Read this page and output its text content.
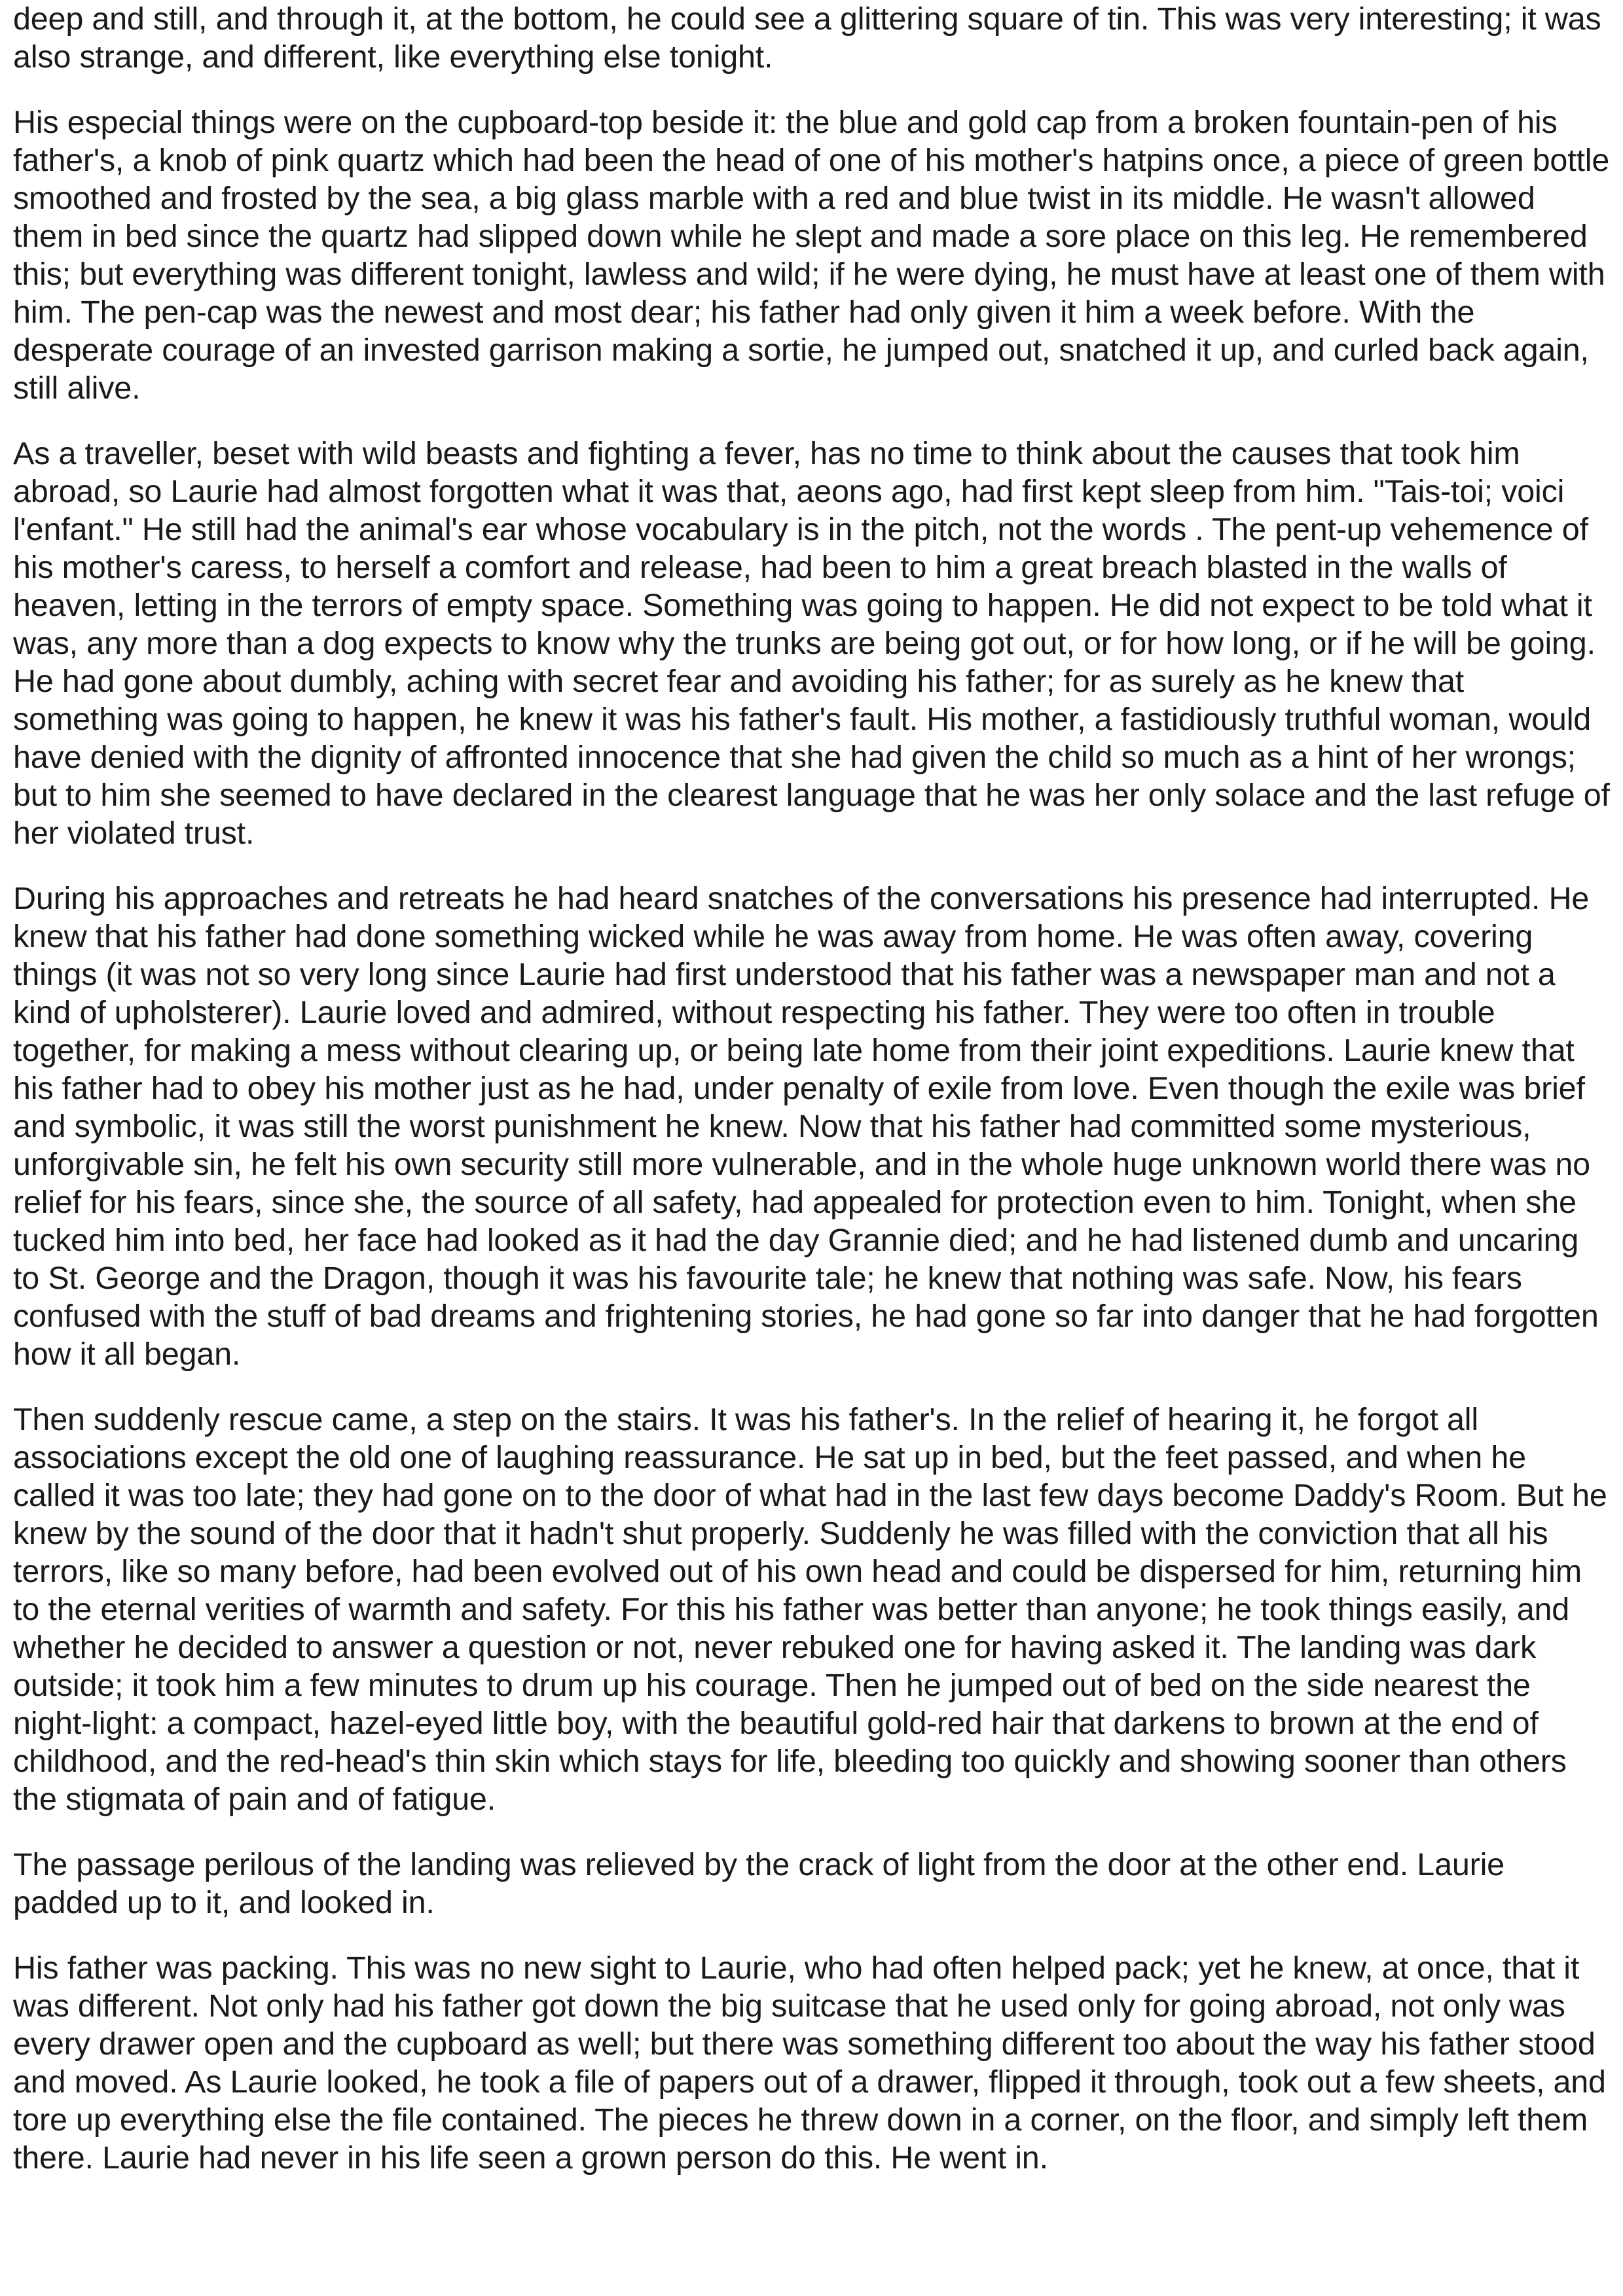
deep and still, and through it, at the bottom, he could see a glittering square of tin. This was very interesting; it was also strange, and different, like everything else tonight.

His especial things were on the cupboard-top beside it: the blue and gold cap from a broken fountain-pen of his father's, a knob of pink quartz which had been the head of one of his mother's hatpins once, a piece of green bottle smoothed and frosted by the sea, a big glass marble with a red and blue twist in its middle. He wasn't allowed them in bed since the quartz had slipped down while he slept and made a sore place on this leg. He remembered this; but everything was different tonight, lawless and wild; if he were dying, he must have at least one of them with him. The pen-cap was the newest and most dear; his father had only given it him a week before. With the desperate courage of an invested garrison making a sortie, he jumped out, snatched it up, and curled back again, still alive.

As a traveller, beset with wild beasts and fighting a fever, has no time to think about the causes that took him abroad, so Laurie had almost forgotten what it was that, aeons ago, had first kept sleep from him. "Tais-toi; voici l'enfant." He still had the animal's ear whose vocabulary is in the pitch, not the words . The pent-up vehemence of his mother's caress, to herself a comfort and release, had been to him a great breach blasted in the walls of heaven, letting in the terrors of empty space. Something was going to happen. He did not expect to be told what it was, any more than a dog expects to know why the trunks are being got out, or for how long, or if he will be going. He had gone about dumbly, aching with secret fear and avoiding his father; for as surely as he knew that something was going to happen, he knew it was his father's fault. His mother, a fastidiously truthful woman, would have denied with the dignity of affronted innocence that she had given the child so much as a hint of her wrongs; but to him she seemed to have declared in the clearest language that he was her only solace and the last refuge of her violated trust.

During his approaches and retreats he had heard snatches of the conversations his presence had interrupted. He knew that his father had done something wicked while he was away from home. He was often away, covering things (it was not so very long since Laurie had first understood that his father was a newspaper man and not a kind of upholsterer). Laurie loved and admired, without respecting his father. They were too often in trouble together, for making a mess without clearing up, or being late home from their joint expeditions. Laurie knew that his father had to obey his mother just as he had, under penalty of exile from love. Even though the exile was brief and symbolic, it was still the worst punishment he knew. Now that his father had committed some mysterious, unforgivable sin, he felt his own security still more vulnerable, and in the whole huge unknown world there was no relief for his fears, since she, the source of all safety, had appealed for protection even to him. Tonight, when she tucked him into bed, her face had looked as it had the day Grannie died; and he had listened dumb and uncaring to St. George and the Dragon, though it was his favourite tale; he knew that nothing was safe. Now, his fears confused with the stuff of bad dreams and frightening stories, he had gone so far into danger that he had forgotten how it all began.

Then suddenly rescue came, a step on the stairs. It was his father's. In the relief of hearing it, he forgot all associations except the old one of laughing reassurance. He sat up in bed, but the feet passed, and when he called it was too late; they had gone on to the door of what had in the last few days become Daddy's Room. But he knew by the sound of the door that it hadn't shut properly. Suddenly he was filled with the conviction that all his terrors, like so many before, had been evolved out of his own head and could be dispersed for him, returning him to the eternal verities of warmth and safety. For this his father was better than anyone; he took things easily, and whether he decided to answer a question or not, never rebuked one for having asked it. The landing was dark outside; it took him a few minutes to drum up his courage. Then he jumped out of bed on the side nearest the night-light: a compact, hazel-eyed little boy, with the beautiful gold-red hair that darkens to brown at the end of childhood, and the red-head's thin skin which stays for life, bleeding too quickly and showing sooner than others the stigmata of pain and of fatigue.

The passage perilous of the landing was relieved by the crack of light from the door at the other end. Laurie padded up to it, and looked in.

His father was packing. This was no new sight to Laurie, who had often helped pack; yet he knew, at once, that it was different. Not only had his father got down the big suitcase that he used only for going abroad, not only was every drawer open and the cupboard as well; but there was something different too about the way his father stood and moved. As Laurie looked, he took a file of papers out of a drawer, flipped it through, took out a few sheets, and tore up everything else the file contained. The pieces he threw down in a corner, on the floor, and simply left them there. Laurie had never in his life seen a grown person do this. He went in.
